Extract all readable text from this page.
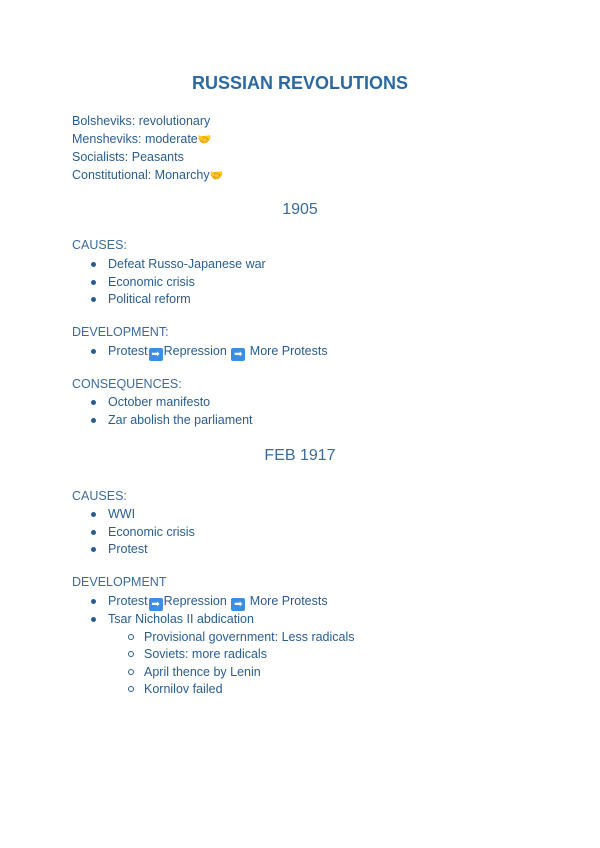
RUSSIAN REVOLUTIONS
Bolsheviks: revolutionary
Mensheviks: moderate🤝
Socialists: Peasants
Constitutional: Monarchy🤝
1905
CAUSES:
Defeat Russo-Japanese war
Economic crisis
Political reform
DEVELOPMENT:
Protest ➡ Repression ➡ More Protests
CONSEQUENCES:
October manifesto
Zar abolish the parliament
FEB 1917
CAUSES:
WWI
Economic crisis
Protest
DEVELOPMENT
Protest ➡ Repression ➡ More Protests
Tsar Nicholas II abdication
Provisional government: Less radicals
Soviets: more radicals
April thence by Lenin
Kornilov failed
